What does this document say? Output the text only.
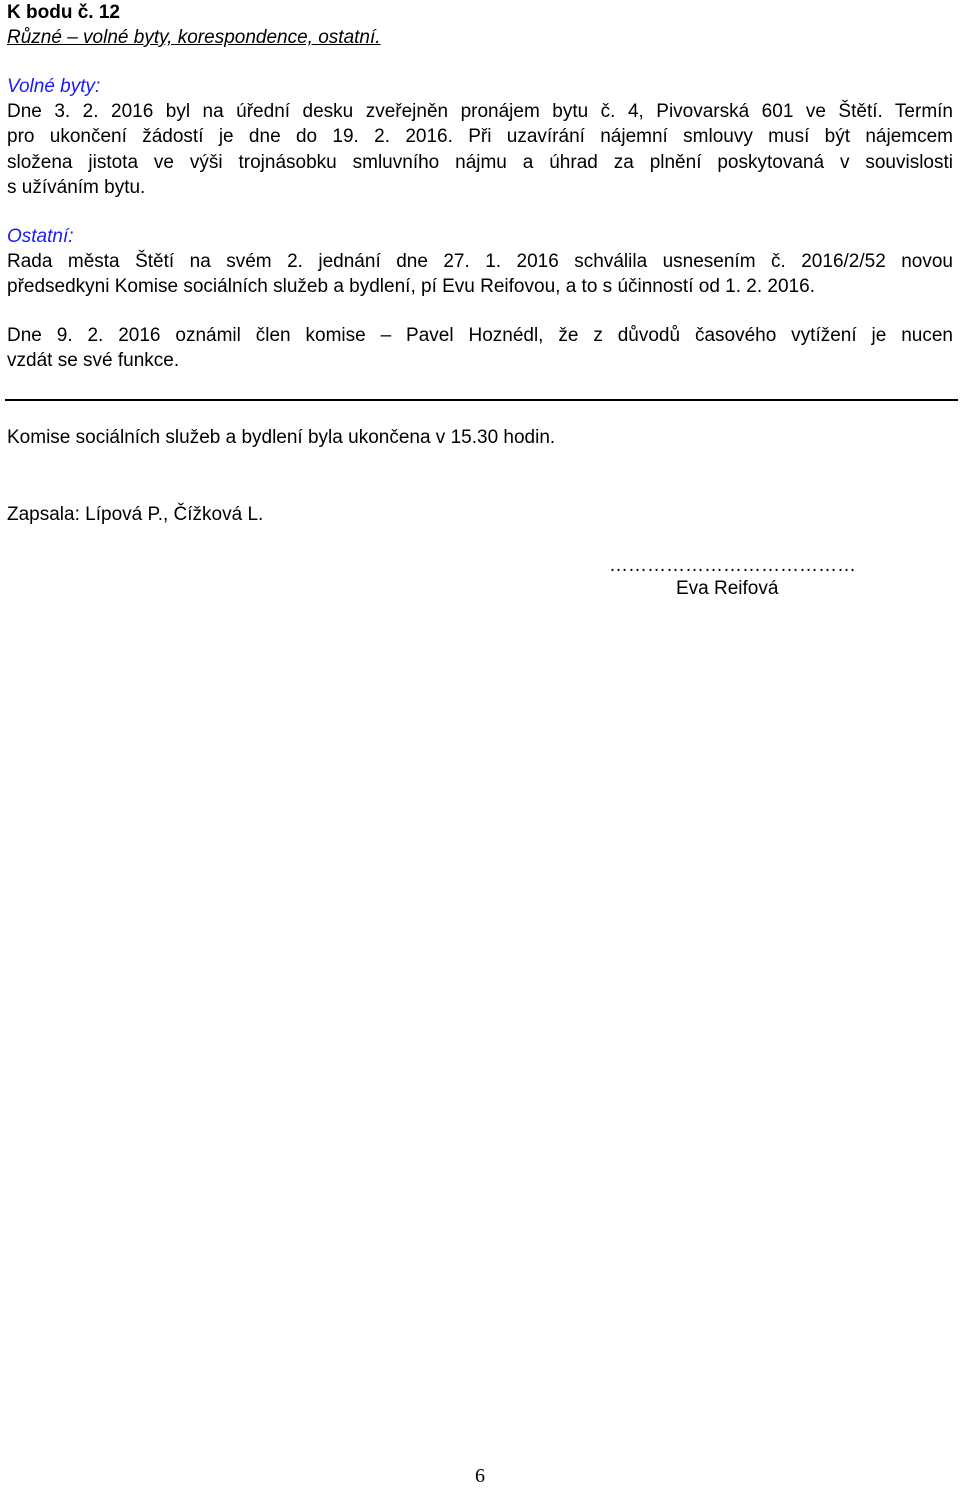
K bodu č. 12
Různé – volné byty, korespondence, ostatní.
Volné byty:
Dne 3. 2. 2016 byl na úřední desku zveřejněn pronájem bytu č. 4, Pivovarská 601 ve Štětí. Termín
pro ukončení žádostí je dne do 19. 2. 2016. Při uzavírání nájemní smlouvy musí být nájemcem
složena jistota ve výši trojnásobku smluvního nájmu a úhrad za plnění poskytovaná v souvislosti
s užíváním bytu.
Ostatní:
Rada města Štětí na svém 2. jednání dne 27. 1. 2016 schválila usnesením č. 2016/2/52 novou
předsedkyni Komise sociálních služeb a bydlení, pí Evu Reifovou, a to s účinností od 1. 2. 2016.
Dne 9. 2. 2016 oznámil člen komise – Pavel Hoznédl, že z důvodů časového vytížení je nucen
vzdát se své funkce.
Komise sociálních služeb a bydlení byla ukončena v 15.30 hodin.
Zapsala: Lípová P., Čížková L.
…………………………………
Eva Reifová
6
